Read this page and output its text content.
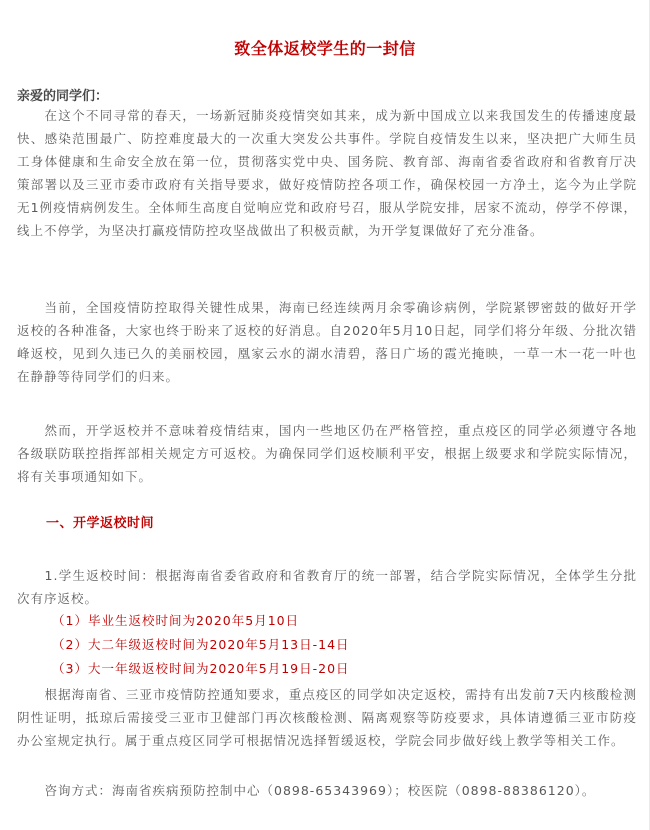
致全体返校学生的一封信
亲爱的同学们：

在这个不同寻常的春天，一场新冠肺炎疫情突如其来，成为新中国成立以来我国发生的传播速度最快、感染范围最广、防控难度最大的一次重大突发公共事件。学院自疫情发生以来，坚决把广大师生员工身体健康和生命安全放在第一位，贯彻落实党中央、国务院、教育部、海南省委省政府和省教育厅决策部署以及三亚市委市政府有关指导要求，做好疫情防控各项工作，确保校园一方净土，迄今为止学院无1例疫情病例发生。全体师生高度自觉响应党和政府号召，服从学院安排，居家不流动，停学不停课，线上不停学，为坚决打赢疫情防控攻坚战做出了积极贡献，为开学复课做好了充分准备。

当前，全国疫情防控取得关键性成果，海南已经连续两月余零确诊病例，学院紧锣密鼓的做好开学返校的各种准备，大家也终于盼来了返校的好消息。自2020年5月10日起，同学们将分年级、分批次错峰返校，见到久违已久的美丽校园，凰家云水的湖水清碧，落日广场的霞光掩映，一草一木一花一叶也在静静等待同学们的归来。

然而，开学返校并不意味着疫情结束，国内一些地区仍在严格管控，重点疫区的同学必须遵守各地各级联防联控指挥部相关规定方可返校。为确保同学们返校顺利平安，根据上级要求和学院实际情况，将有关事项通知如下。

一、开学返校时间

1.学生返校时间：根据海南省委省政府和省教育厅的统一部署，结合学院实际情况，全体学生分批次有序返校。

（1）毕业生返校时间为2020年5月10日
（2）大二年级返校时间为2020年5月13日-14日
（3）大一年级返校时间为2020年5月19日-20日

根据海南省、三亚市疫情防控通知要求，重点疫区的同学如决定返校，需持有出发前7天内核酸检测阴性证明，抵琼后需接受三亚市卫健部门再次核酸检测、隔离观察等防疫要求，具体请遵循三亚市防疫办公室规定执行。属于重点疫区同学可根据情况选择暂缓返校，学院会同步做好线上教学等相关工作。

咨询方式：海南省疾病预防控制中心（0898-65343969）；校医院（0898-88386120）。
